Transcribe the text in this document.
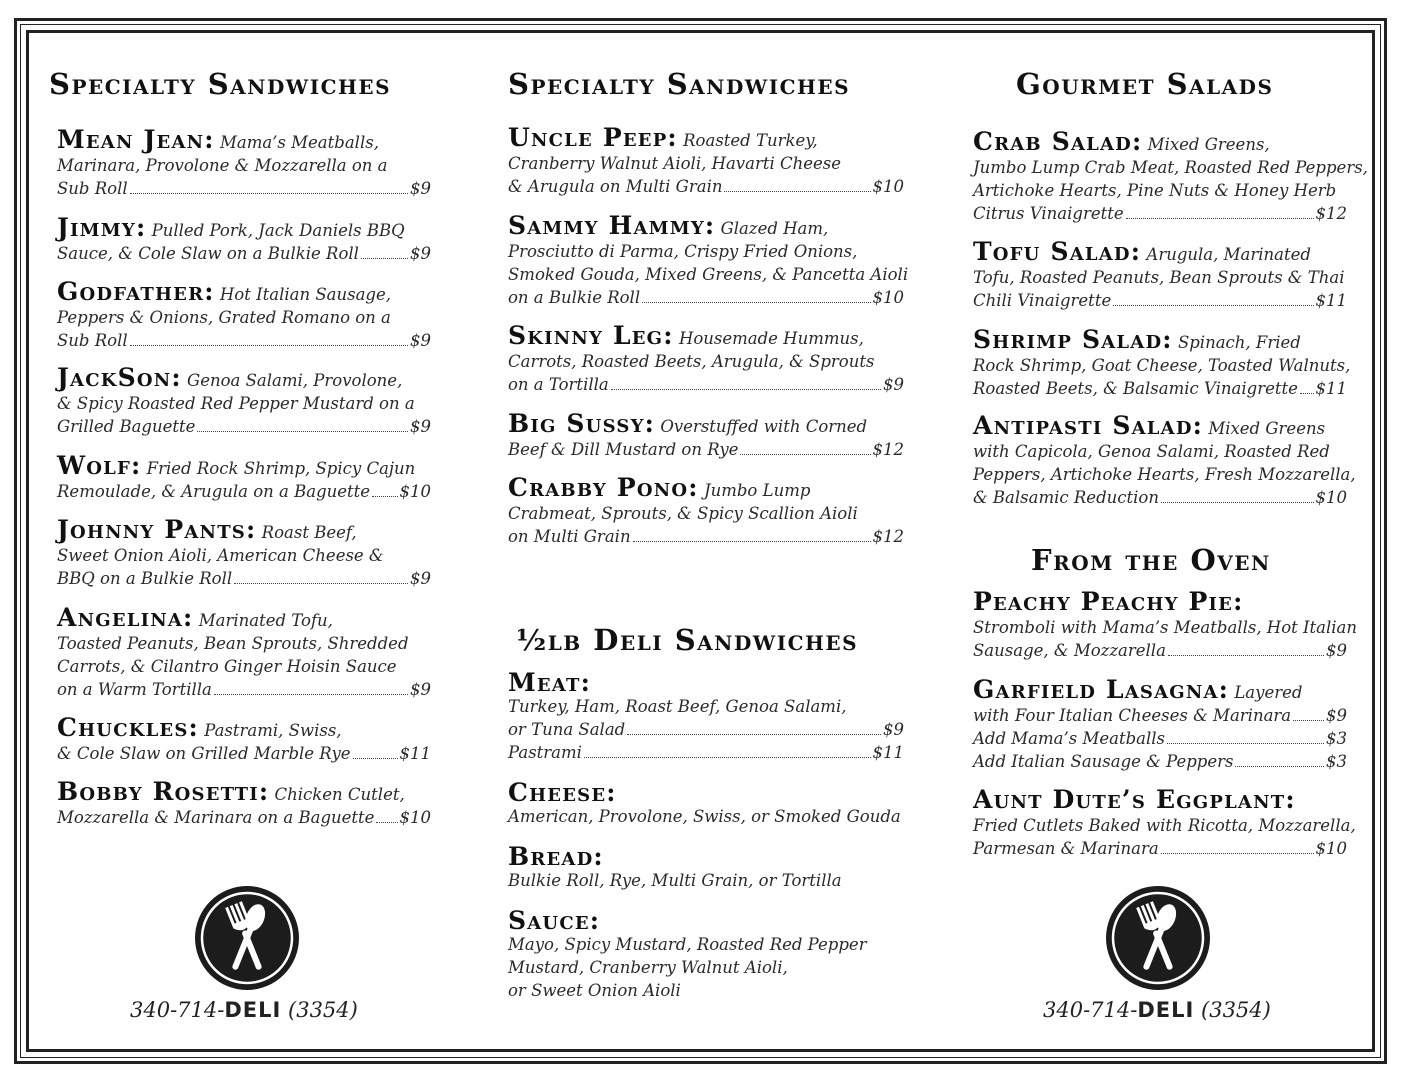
Specialty Sandwiches
Mean Jean: Mama’s Meatballs,
Marinara, Provolone & Mozzarella on a
Sub Roll	$9
Jimmy: Pulled Pork, Jack Daniels BBQ
Sauce, & Cole Slaw on a Bulkie Roll	$9
Godfather: Hot Italian Sausage,
Peppers & Onions, Grated Romano on a
Sub Roll	$9
JackSon: Genoa Salami, Provolone,
& Spicy Roasted Red Pepper Mustard on a
Grilled Baguette	$9
Wolf: Fried Rock Shrimp, Spicy Cajun
Remoulade, & Arugula on a Baguette $10
Johnny Pants: Roast Beef,
Sweet Onion Aioli, American Cheese &
BBQ on a Bulkie Roll	$9
Angelina: Marinated Tofu,
Toasted Peanuts, Bean Sprouts, Shredded
Carrots, & Cilantro Ginger Hoisin Sauce
on a Warm Tortilla	$9
Chuckles: Pastrami, Swiss,
& Cole Slaw on Grilled Marble Rye	$11
Bobby Rosetti: Chicken Cutlet,
Mozzarella & Marinara on a Baguette $10
340-714-DELI (3354)
Specialty Sandwiches
Uncle Peep: Roasted Turkey,
Cranberry Walnut Aioli, Havarti Cheese
& Arugula on Multi Grain	$10
Sammy Hammy: Glazed Ham,
Prosciutto di Parma, Crispy Fried Onions,
Smoked Gouda, Mixed Greens, & Pancetta Aioli
on a Bulkie Roll	$10
Skinny Leg: Housemade Hummus,
Carrots, Roasted Beets, Arugula, & Sprouts
on a Tortilla	$9
Big Sussy: Overstuffed with Corned
Beef & Dill Mustard on Rye	$12
Crabby Pono: Jumbo Lump
Crabmeat, Sprouts, & Spicy Scallion Aioli
on Multi Grain	$12
½lb Deli Sandwiches
Meat:
Turkey, Ham, Roast Beef, Genoa Salami,
or Tuna Salad	$9
Pastrami	$11
Cheese:
American, Provolone, Swiss, or Smoked Gouda
Bread:
Bulkie Roll, Rye, Multi Grain, or Tortilla
Sauce:
Mayo, Spicy Mustard, Roasted Red Pepper
Mustard, Cranberry Walnut Aioli,
or Sweet Onion Aioli
Gourmet Salads
Crab Salad: Mixed Greens,
Jumbo Lump Crab Meat, Roasted Red Peppers,
Artichoke Hearts, Pine Nuts & Honey Herb
Citrus Vinaigrette	$12
Tofu Salad: Arugula, Marinated
Tofu, Roasted Peanuts, Bean Sprouts & Thai
Chili Vinaigrette	$11
Shrimp Salad: Spinach, Fried
Rock Shrimp, Goat Cheese, Toasted Walnuts,
Roasted Beets, & Balsamic Vinaigrette $11
Antipasti Salad: Mixed Greens
with Capicola, Genoa Salami, Roasted Red
Peppers, Artichoke Hearts, Fresh Mozzarella,
& Balsamic Reduction	$10
From the Oven
Peachy Peachy Pie:
Stromboli with Mama’s Meatballs, Hot Italian
Sausage, & Mozzarella	$9
Garfield Lasagna: Layered
with Four Italian Cheeses & Marinara $9
Add Mama’s Meatballs	$3
Add Italian Sausage & Peppers	$3
Aunt Dute’s Eggplant:
Fried Cutlets Baked with Ricotta, Mozzarella,
Parmesan & Marinara	$10
340-714-DELI (3354)
